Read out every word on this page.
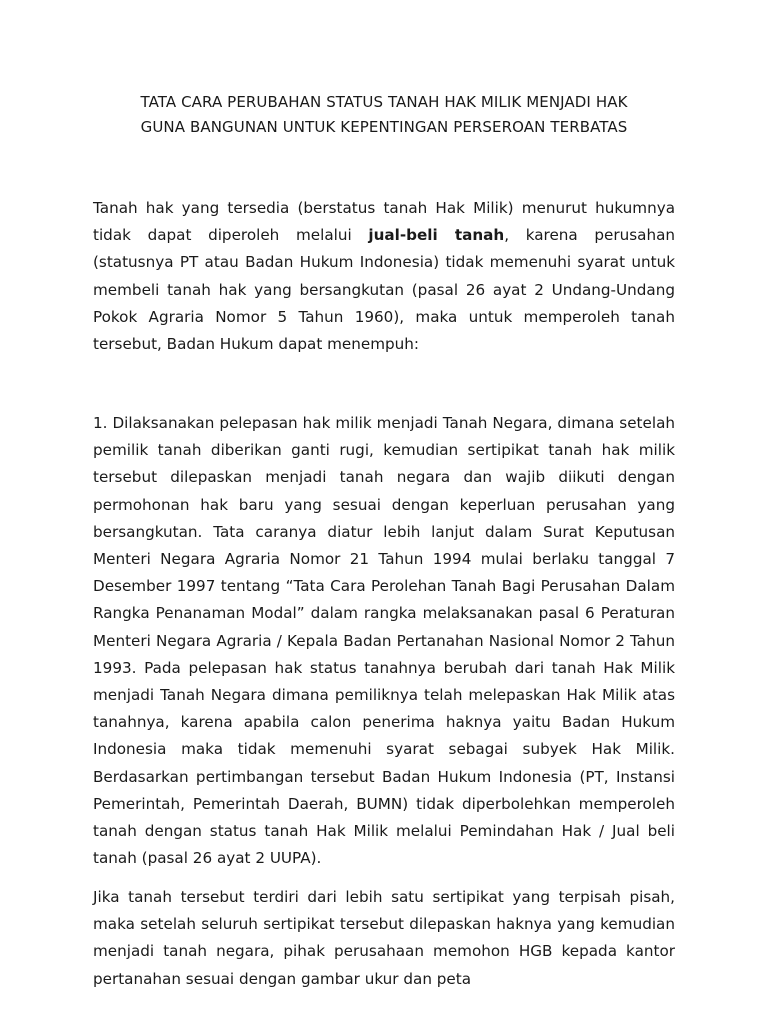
TATA CARA PERUBAHAN STATUS TANAH HAK MILIK MENJADI HAK
GUNA BANGUNAN UNTUK KEPENTINGAN PERSEROAN TERBATAS

Tanah hak yang tersedia (berstatus tanah Hak Milik) menurut hukumnya tidak dapat diperoleh melalui jual-beli tanah, karena perusahan (statusnya PT atau Badan Hukum Indonesia) tidak memenuhi syarat untuk membeli tanah hak yang bersangkutan (pasal 26 ayat 2 Undang-Undang Pokok Agraria Nomor 5 Tahun 1960), maka untuk memperoleh tanah tersebut, Badan Hukum dapat menempuh:

1. Dilaksanakan pelepasan hak milik menjadi Tanah Negara, dimana setelah pemilik tanah diberikan ganti rugi, kemudian sertipikat tanah hak milik tersebut dilepaskan menjadi tanah negara dan wajib diikuti dengan permohonan hak baru yang sesuai dengan keperluan perusahan yang bersangkutan. Tata caranya diatur lebih lanjut dalam Surat Keputusan Menteri Negara Agraria Nomor 21 Tahun 1994 mulai berlaku tanggal 7 Desember 1997 tentang “Tata Cara Perolehan Tanah Bagi Perusahan Dalam Rangka Penanaman Modal” dalam rangka melaksanakan pasal 6 Peraturan Menteri Negara Agraria / Kepala Badan Pertanahan Nasional Nomor 2 Tahun 1993. Pada pelepasan hak status tanahnya berubah dari tanah Hak Milik menjadi Tanah Negara dimana pemiliknya telah melepaskan Hak Milik atas tanahnya, karena apabila calon penerima haknya yaitu Badan Hukum Indonesia maka tidak memenuhi syarat sebagai subyek Hak Milik. Berdasarkan pertimbangan tersebut Badan Hukum Indonesia (PT, Instansi Pemerintah, Pemerintah Daerah, BUMN) tidak diperbolehkan memperoleh tanah dengan status tanah Hak Milik melalui Pemindahan Hak / Jual beli tanah (pasal 26 ayat 2 UUPA).

Jika tanah tersebut terdiri dari lebih satu sertipikat yang terpisah pisah, maka setelah seluruh sertipikat tersebut dilepaskan haknya yang kemudian menjadi tanah negara, pihak perusahaan memohon HGB kepada kantor pertanahan sesuai dengan gambar ukur dan peta
